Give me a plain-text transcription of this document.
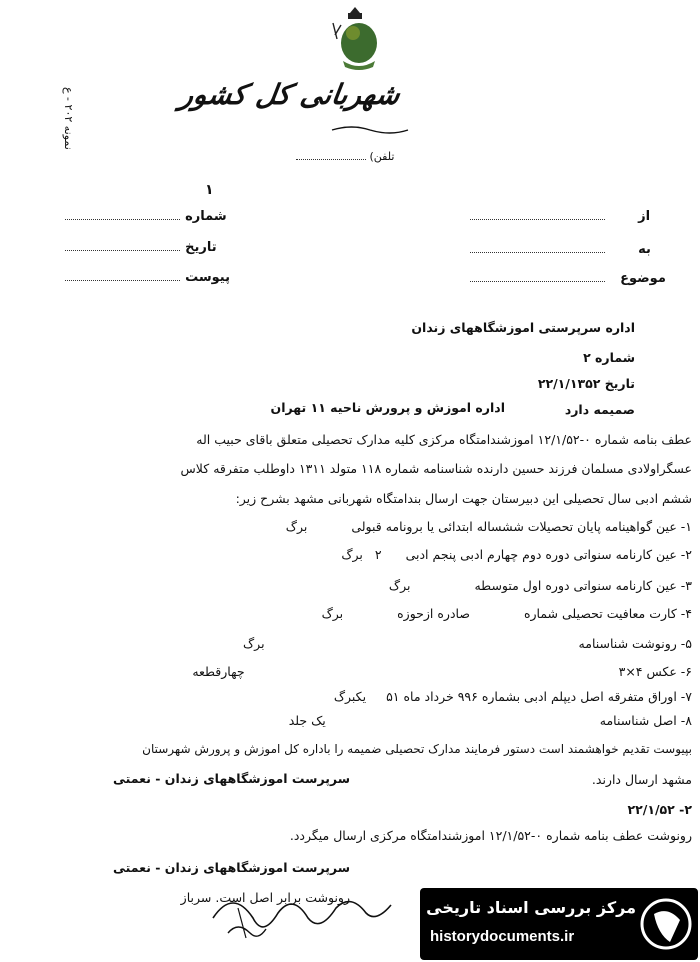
شهربانی کل کشور
(تلفن
نمونه ۲۰۲ - ع
۱
از
شماره
به
تاریخ
موضوع
پیوست
اداره سرپرستی اموزشگاههای زندان
شماره ۲
تاریخ ۲۲/۱/۱۳۵۲
اداره اموزش و پرورش ناحیه ۱۱ تهران	صمیمه دارد
عطف بنامه شماره ۰-۱۲/۱/۵۲ اموزشندامتگاه مرکزی کلیه مدارک تحصیلی متعلق باقای حبیب اله
عسگراولادی مسلمان فرزند حسین دارنده شناسنامه شماره ۱۱۸ متولد ۱۳۱۱ داوطلب متفرقه کلاس
ششم ادبی سال تحصیلی این دبیرستان جهت ارسال بندامتگاه شهربانی مشهد بشرح زیر:
۱- عین گواهینامه پایان تحصیلات ششساله ابتدائی یا برونامه قبولی برگ
۲- عین کارنامه سنواتی دوره دوم چهارم ادبی پنجم ادبی ۲ برگ
۳- عین کارنامه سنواتی دوره اول متوسطه برگ
۴- کارت معافیت تحصیلی شماره صادره ازحوزه برگ
۵- رونوشت شناسنامه برگ
۶- عکس ۴×۳ چهارقطعه
۷- اوراق متفرقه اصل دیپلم ادبی بشماره ۹۹۶ خرداد ماه ۵۱ یکبرگ
۸- اصل شناسنامه یک جلد
بپیوست تقدیم خواهشمند است دستور فرمایند مدارک تحصیلی ضمیمه را باداره کل اموزش و پرورش شهرستان
مشهد ارسال دارند.
سرپرست اموزشگاههای زندان - نعمتی
۲- ۲۲/۱/۵۲
رونوشت عطف بنامه شماره ۰-۱۲/۱/۵۲ اموزشندامتگاه مرکزی ارسال میگردد.
سرپرست اموزشگاههای زندان - نعمتی
رونوشت برابر اصل است. سرباز
مرکز بررسی اسناد تاریخی
historydocuments.ir
